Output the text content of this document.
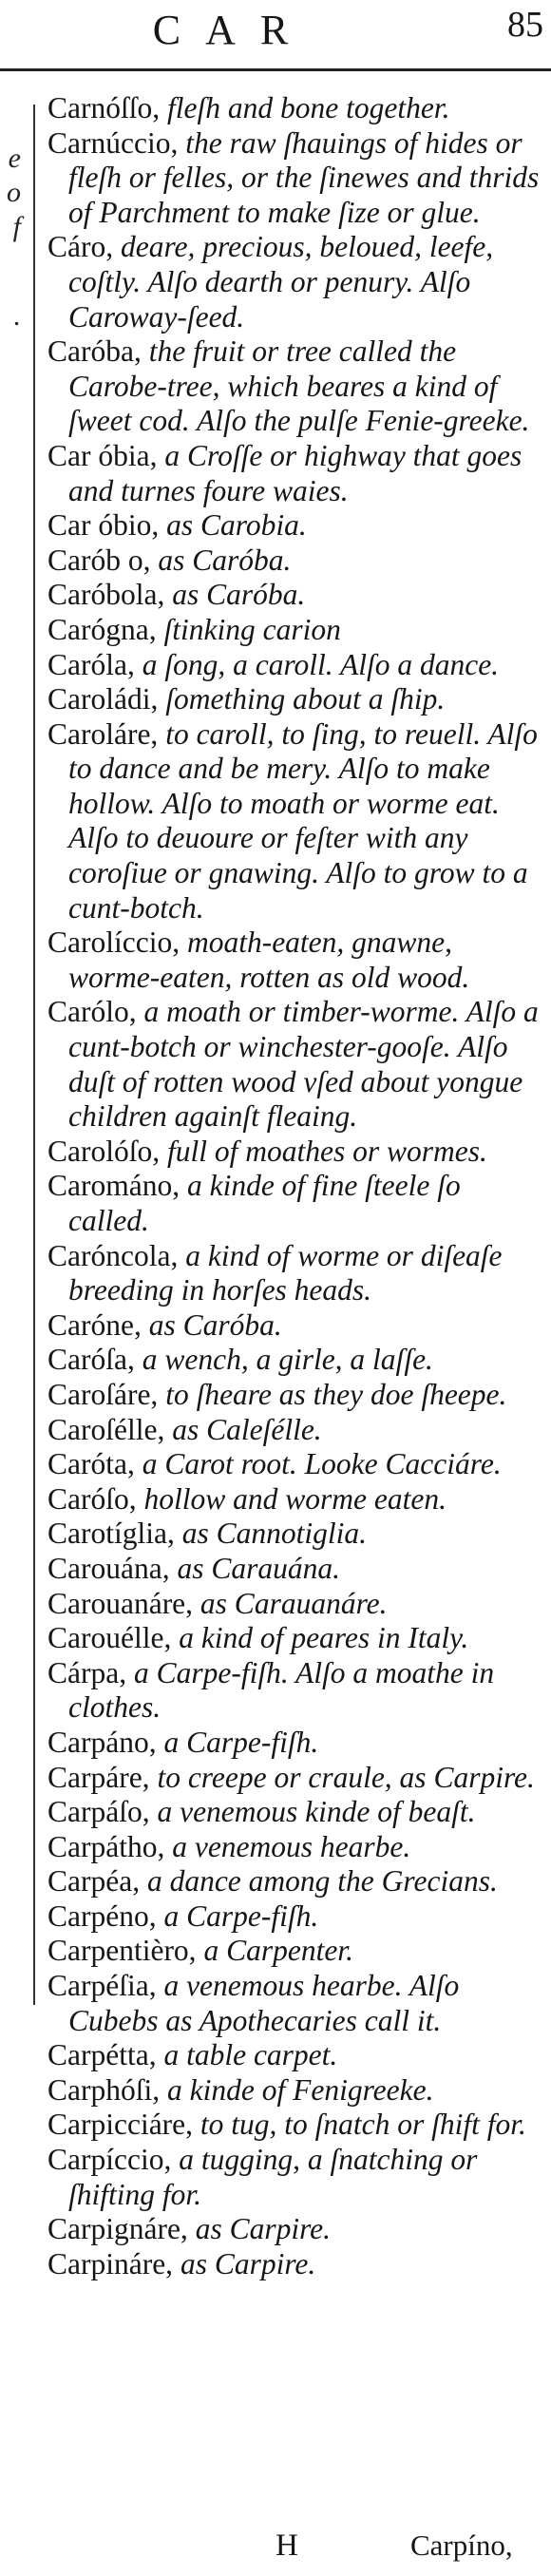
CAR	85
e
o
f
.

Carnóſſo, fleſh and bone together.

Carnúccio, the raw ſhauings of hides or fleſh or felles, or the ſinewes and thrids of Parchment to make ſize or glue.

Cáro, deare, precious, beloued, leefe, coſtly. Alſo dearth or penury. Alſo Caroway-ſeed.

Caróba, the fruit or tree called the Carobe-tree, which beares a kind of ſweet cod. Alſo the pulſe Fenie-greeke.

Car óbia, a Croſſe or highway that goes and turnes foure waies.

Car óbio, as Carobia.

Carób o, as Caróba.

Caróbola, as Caróba.

Carógna, ſtinking carion

Caróla, a ſong, a caroll. Alſo a dance.

Caroládi, ſomething about a ſhip.

Caroláre, to caroll, to ſing, to reuell. Alſo to dance and be mery. Alſo to make hollow. Alſo to moath or worme eat. Alſo to deuoure or feſter with any coroſiue or gnawing. Alſo to grow to a cunt-botch.

Carolíccio, moath-eaten, gnawne, worme-eaten, rotten as old wood.

Carólo, a moath or timber-worme. Alſo a cunt-botch or winchester-gooſe. Alſo duſt of rotten wood vſed about yongue children againſt fleaing.

Carolóſo, full of moathes or wormes.

Carománo, a kinde of fine ſteele ſo called.

Caróncola, a kind of worme or diſeaſe breeding in horſes heads.

Caróne, as Caróba.

Caróſa, a wench, a girle, a laſſe.

Caroſáre, to ſheare as they doe ſheepe.

Caroſélle, as Caleſélle.

Caróta, a Carot root. Looke Cacciáre.

Caróſo, hollow and worme eaten.

Carotíglia, as Cannotiglia.

Carouána, as Carauána.

Carouanáre, as Carauanáre.

Carouélle, a kind of peares in Italy.

Cárpa, a Carpe-fiſh. Alſo a moathe in clothes.

Carpáno, a Carpe-fiſh.

Carpáre, to creepe or craule, as Carpire.

Carpáſo, a venemous kinde of beaſt.

Carpátho, a venemous hearbe.

Carpéa, a dance among the Grecians.

Carpéno, a Carpe-fiſh.

Carpentièro, a Carpenter.

Carpéſia, a venemous hearbe. Alſo Cubebs as Apothecaries call it.

Carpétta, a table carpet.

Carphóſi, a kinde of Fenigreeke.

Carpicciáre, to tug, to ſnatch or ſhift for.

Carpíccio, a tugging, a ſnatching or ſhifting for.

Carpignáre, as Carpire.

Carpináre, as Carpire.

H	Carpíno,
